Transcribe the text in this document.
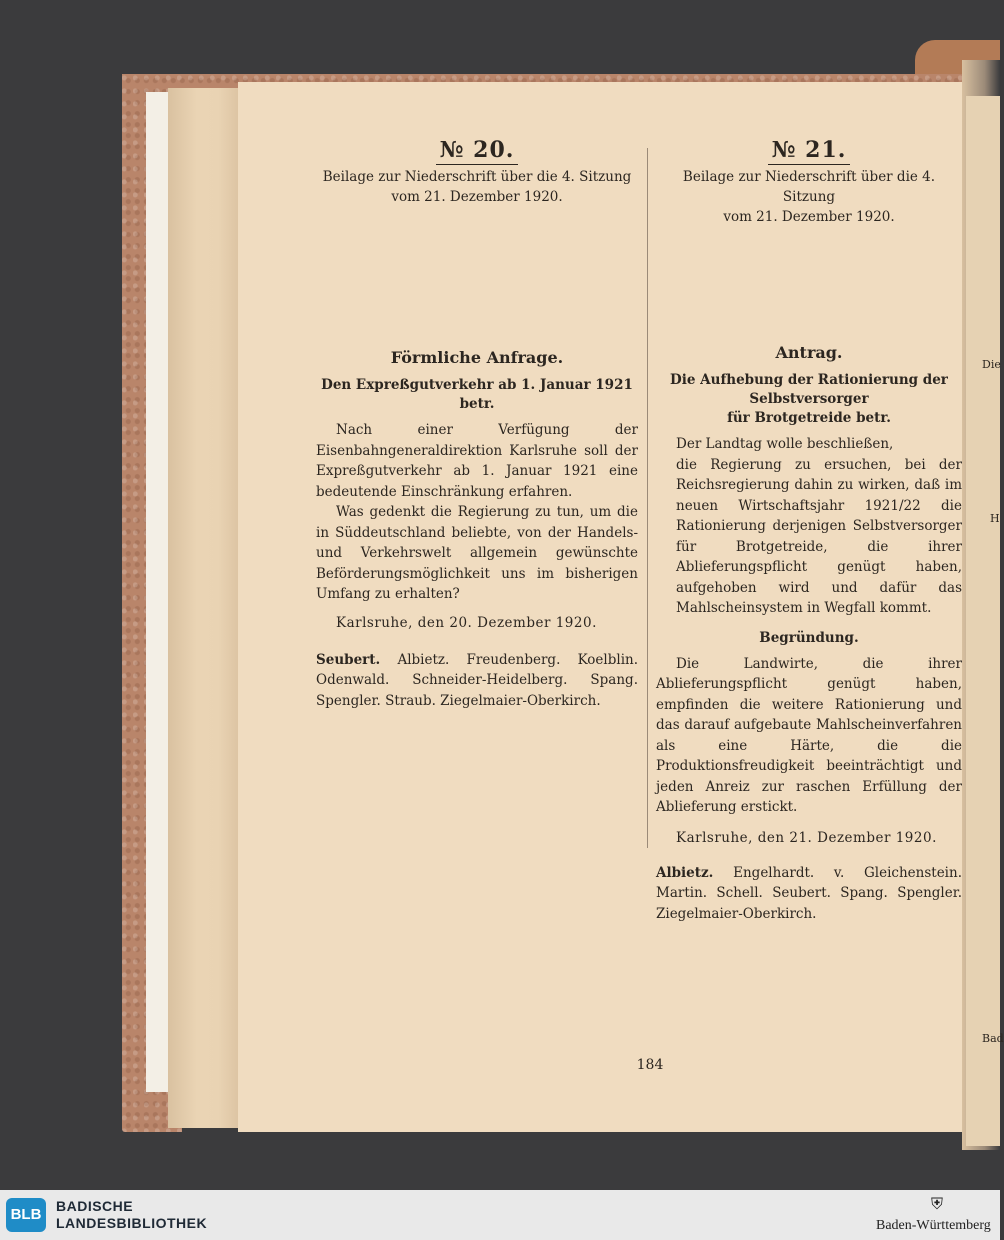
Die
H
Bad
№ 20.
Beilage zur Niederschrift über die 4. Sitzung
vom 21. Dezember 1920.
Förmliche Anfrage.
Den Expreßgutverkehr ab 1. Januar 1921 betr.

Nach einer Verfügung der Eisenbahngeneraldirektion Karlsruhe soll der Expreßgutverkehr ab 1. Januar 1921 eine bedeutende Einschränkung erfahren.

Was gedenkt die Regierung zu tun, um die in Süddeutschland beliebte, von der Handels- und Verkehrswelt allgemein gewünschte Beförderungsmöglichkeit uns im bisherigen Umfang zu erhalten?

Karlsruhe, den 20. Dezember 1920.
Seubert. Albietz. Freudenberg. Koelblin. Odenwald. Schneider-Heidelberg. Spang. Spengler. Straub. Ziegelmaier-Oberkirch.
№ 21.
Beilage zur Niederschrift über die 4. Sitzung
vom 21. Dezember 1920.
Antrag.
Die Aufhebung der Rationierung der Selbstversorger
für Brotgetreide betr.
Der Landtag wolle beschließen,

die Regierung zu ersuchen, bei der Reichsregierung dahin zu wirken, daß im neuen Wirtschaftsjahr 1921/22 die Rationierung derjenigen Selbstversorger für Brotgetreide, die ihrer Ablieferungspflicht genügt haben, aufgehoben wird und dafür das Mahlscheinsystem in Wegfall kommt.

Begründung.

Die Landwirte, die ihrer Ablieferungspflicht genügt haben, empfinden die weitere Rationierung und das darauf aufgebaute Mahlscheinverfahren als eine Härte, die die Produktionsfreudigkeit beeinträchtigt und jeden Anreiz zur raschen Erfüllung der Ablieferung erstickt.

Karlsruhe, den 21. Dezember 1920.
Albietz. Engelhardt. v. Gleichenstein. Martin. Schell. Seubert. Spang. Spengler. Ziegelmaier-Oberkirch.
184
BLB	BADISCHE
LANDESBIBLIOTHEK
⛨
Baden-Württemberg
